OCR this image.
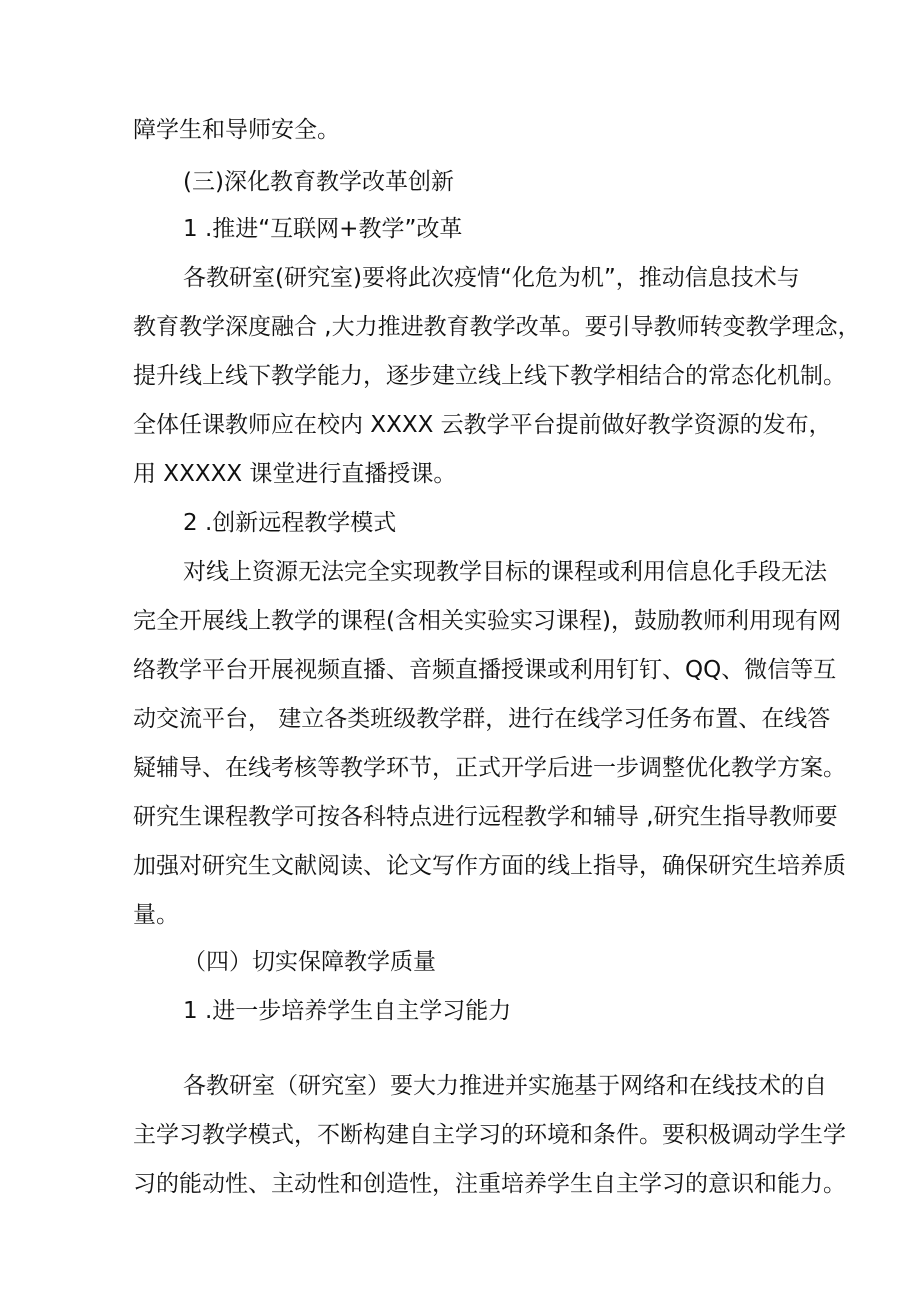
障学生和导师安全。

(三)深化教育教学改革创新

1 .推进“互联网+教学”改革

各教研室(研究室)要将此次疫情“化危为机”，推动信息技术与

教育教学深度融合 ,大力推进教育教学改革。要引导教师转变教学理念，

提升线上线下教学能力，逐步建立线上线下教学相结合的常态化机制。

全体任课教师应在校内 XXXX 云教学平台提前做好教学资源的发布，

用 XXXXX 课堂进行直播授课。

2 .创新远程教学模式

对线上资源无法完全实现教学目标的课程或利用信息化手段无法

完全开展线上教学的课程(含相关实验实习课程)，鼓励教师利用现有网

络教学平台开展视频直播、音频直播授课或利用钉钉、QQ、微信等互

动交流平台， 建立各类班级教学群，进行在线学习任务布置、在线答

疑辅导、在线考核等教学环节，正式开学后进一步调整优化教学方案。

研究生课程教学可按各科特点进行远程教学和辅导 ,研究生指导教师要

加强对研究生文献阅读、论文写作方面的线上指导，确保研究生培养质

量。

（四）切实保障教学质量

1 .进一步培养学生自主学习能力

各教研室（研究室）要大力推进并实施基于网络和在线技术的自

主学习教学模式，不断构建自主学习的环境和条件。要积极调动学生学

习的能动性、主动性和创造性，注重培养学生自主学习的意识和能力。
